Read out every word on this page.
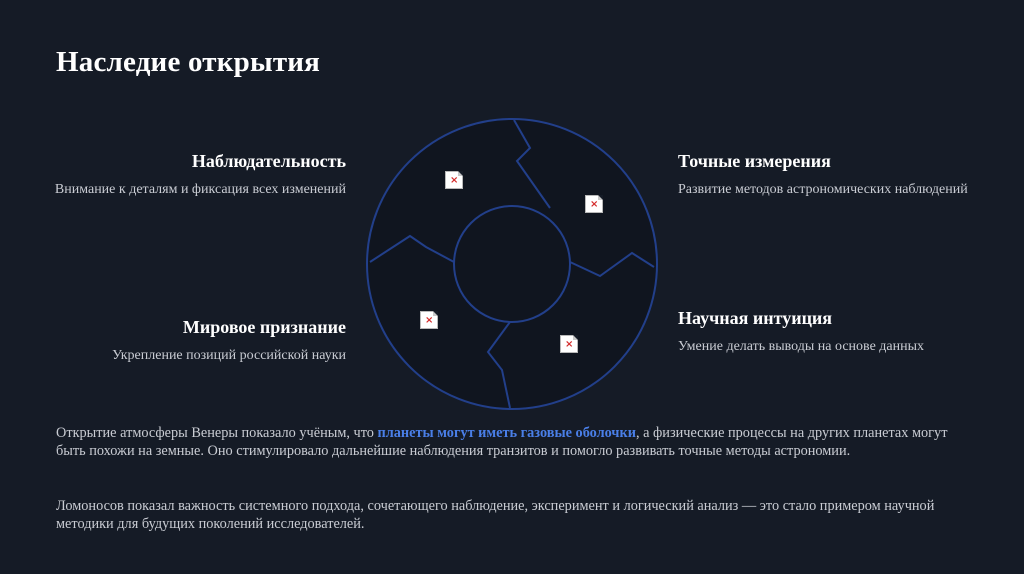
Наследие открытия
×
×
×
×
Наблюдательность

Внимание к деталям и фиксация всех изменений

Мировое признание

Укрепление позиций российской науки

Точные измерения

Развитие методов астрономических наблюдений

Научная интуиция

Умение делать выводы на основе данных

Открытие атмосферы Венеры показало учёным, что планеты могут иметь газовые оболочки, а физические процессы на других планетах могут быть похожи на земные. Оно стимулировало дальнейшие наблюдения транзитов и помогло развивать точные методы астрономии.
Ломоносов показал важность системного подхода, сочетающего наблюдение, эксперимент и логический анализ — это стало примером научной методики для будущих поколений исследователей.
